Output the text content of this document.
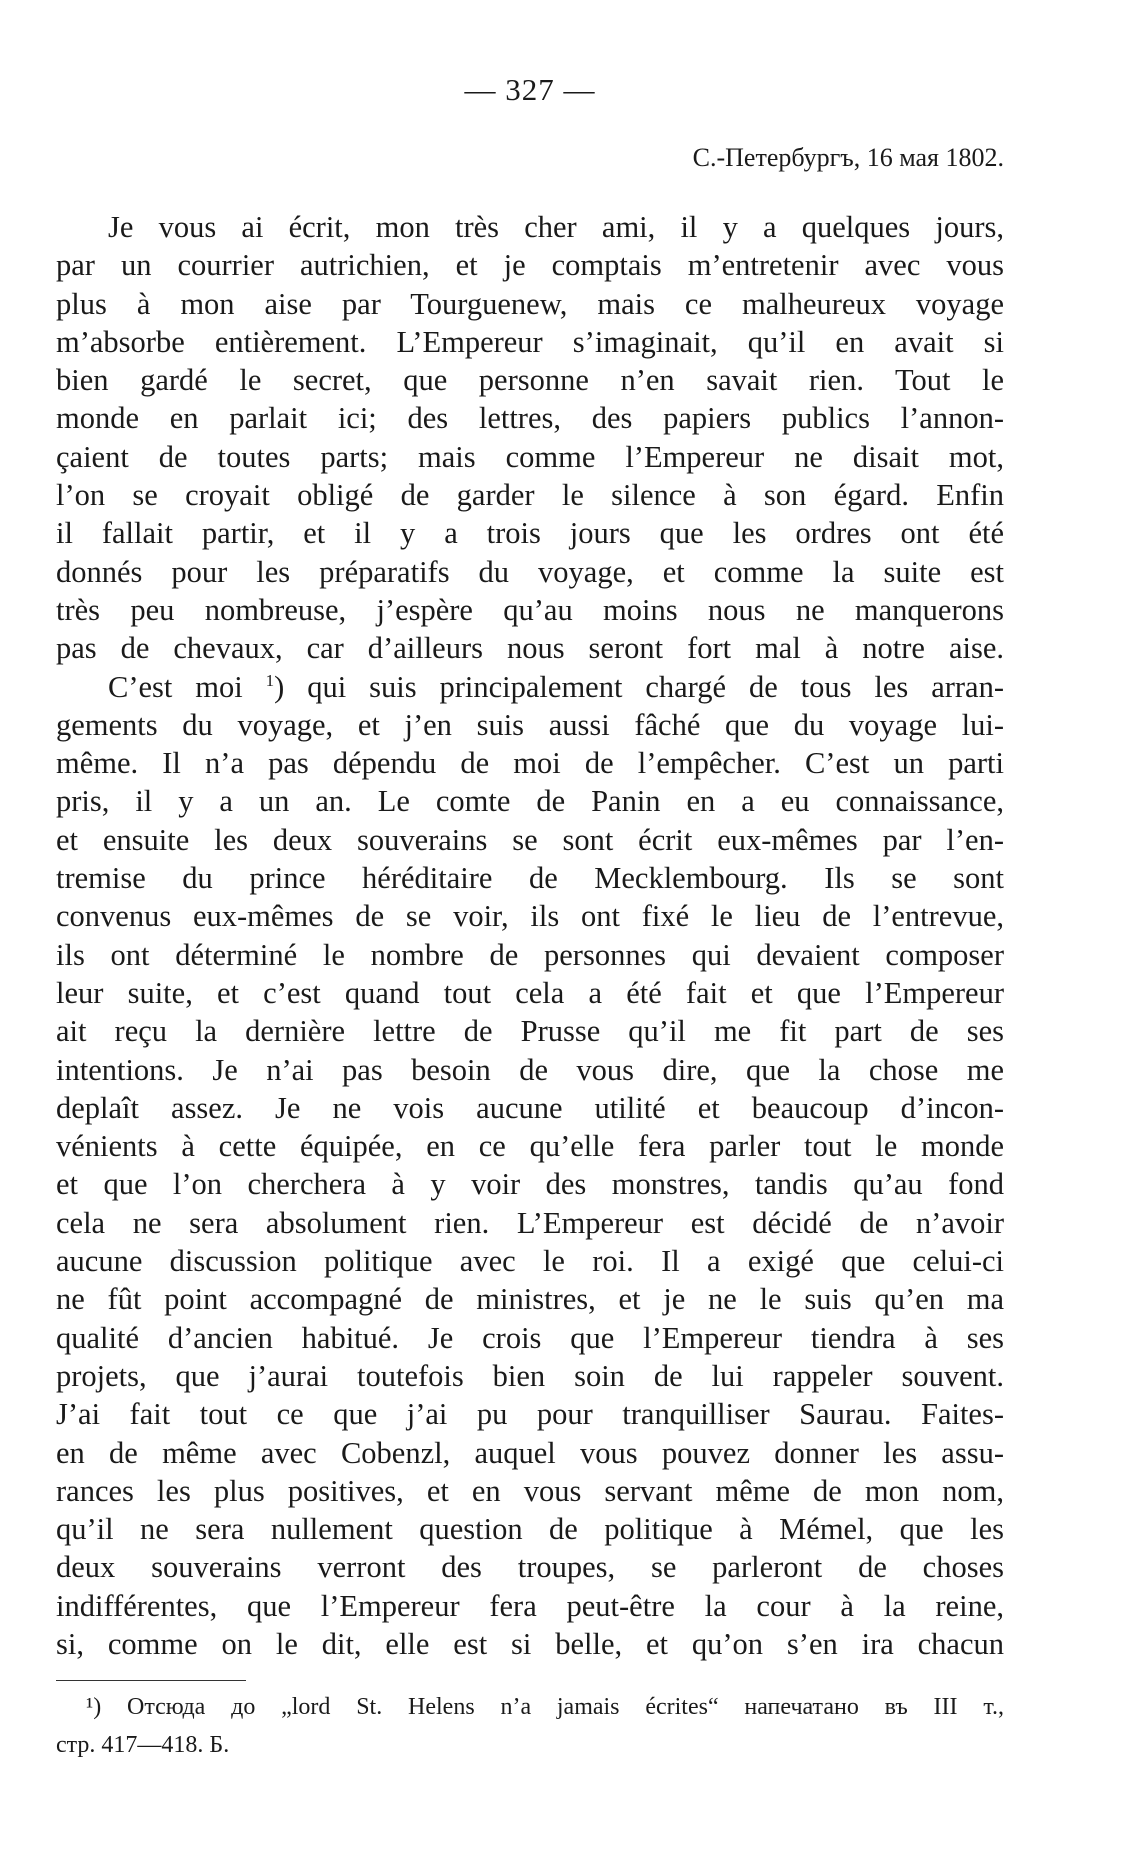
— 327 —
С.-Петербургъ, 16 мая 1802.
Je vous ai écrit, mon très cher ami, il y a quelques jours,
par un courrier autrichien, et je comptais m’entretenir avec vous
plus à mon aise par Tourguenew, mais ce malheureux voyage
m’absorbe entièrement. L’Empereur s’imaginait, qu’il en avait si
bien gardé le secret, que personne n’en savait rien. Tout le
monde en parlait ici; des lettres, des papiers publics l’annon-
çaient de toutes parts; mais comme l’Empereur ne disait mot,
l’on se croyait obligé de garder le silence à son égard. Enfin
il fallait partir, et il y a trois jours que les ordres ont été
donnés pour les préparatifs du voyage, et comme la suite est
très peu nombreuse, j’espère qu’au moins nous ne manquerons
pas de chevaux, car d’ailleurs nous seront fort mal à notre aise.
C’est moi $^1$) qui suis principalement chargé de tous les arran-
gements du voyage, et j’en suis aussi fâché que du voyage lui-
même. Il n’a pas dépendu de moi de l’empêcher. C’est un parti
pris, il y a un an. Le comte de Panin en a eu connaissance,
et ensuite les deux souverains se sont écrit eux-mêmes par l’en-
tremise du prince héréditaire de Mecklembourg. Ils se sont
convenus eux-mêmes de se voir, ils ont fixé le lieu de l’entrevue,
ils ont déterminé le nombre de personnes qui devaient composer
leur suite, et c’est quand tout cela a été fait et que l’Empereur
ait reçu la dernière lettre de Prusse qu’il me fit part de ses
intentions. Je n’ai pas besoin de vous dire, que la chose me
deplaît assez. Je ne vois aucune utilité et beaucoup d’incon-
vénients à cette équipée, en ce qu’elle fera parler tout le monde
et que l’on cherchera à y voir des monstres, tandis qu’au fond
cela ne sera absolument rien. L’Empereur est décidé de n’avoir
aucune discussion politique avec le roi. Il a exigé que celui-ci
ne fût point accompagné de ministres, et je ne le suis qu’en ma
qualité d’ancien habitué. Je crois que l’Empereur tiendra à ses
projets, que j’aurai toutefois bien soin de lui rappeler souvent.
J’ai fait tout ce que j’ai pu pour tranquilliser Saurau. Faites-
en de même avec Cobenzl, auquel vous pouvez donner les assu-
rances les plus positives, et en vous servant même de mon nom,
qu’il ne sera nullement question de politique à Mémel, que les
deux souverains verront des troupes, se parleront de choses
indifférentes, que l’Empereur fera peut-être la cour à la reine,
si, comme on le dit, elle est si belle, et qu’on s’en ira chacun
¹) Отсюда до „lord St. Helens n’a jamais écrites“ напечатано въ III т.,
стр. 417—418. Б.
